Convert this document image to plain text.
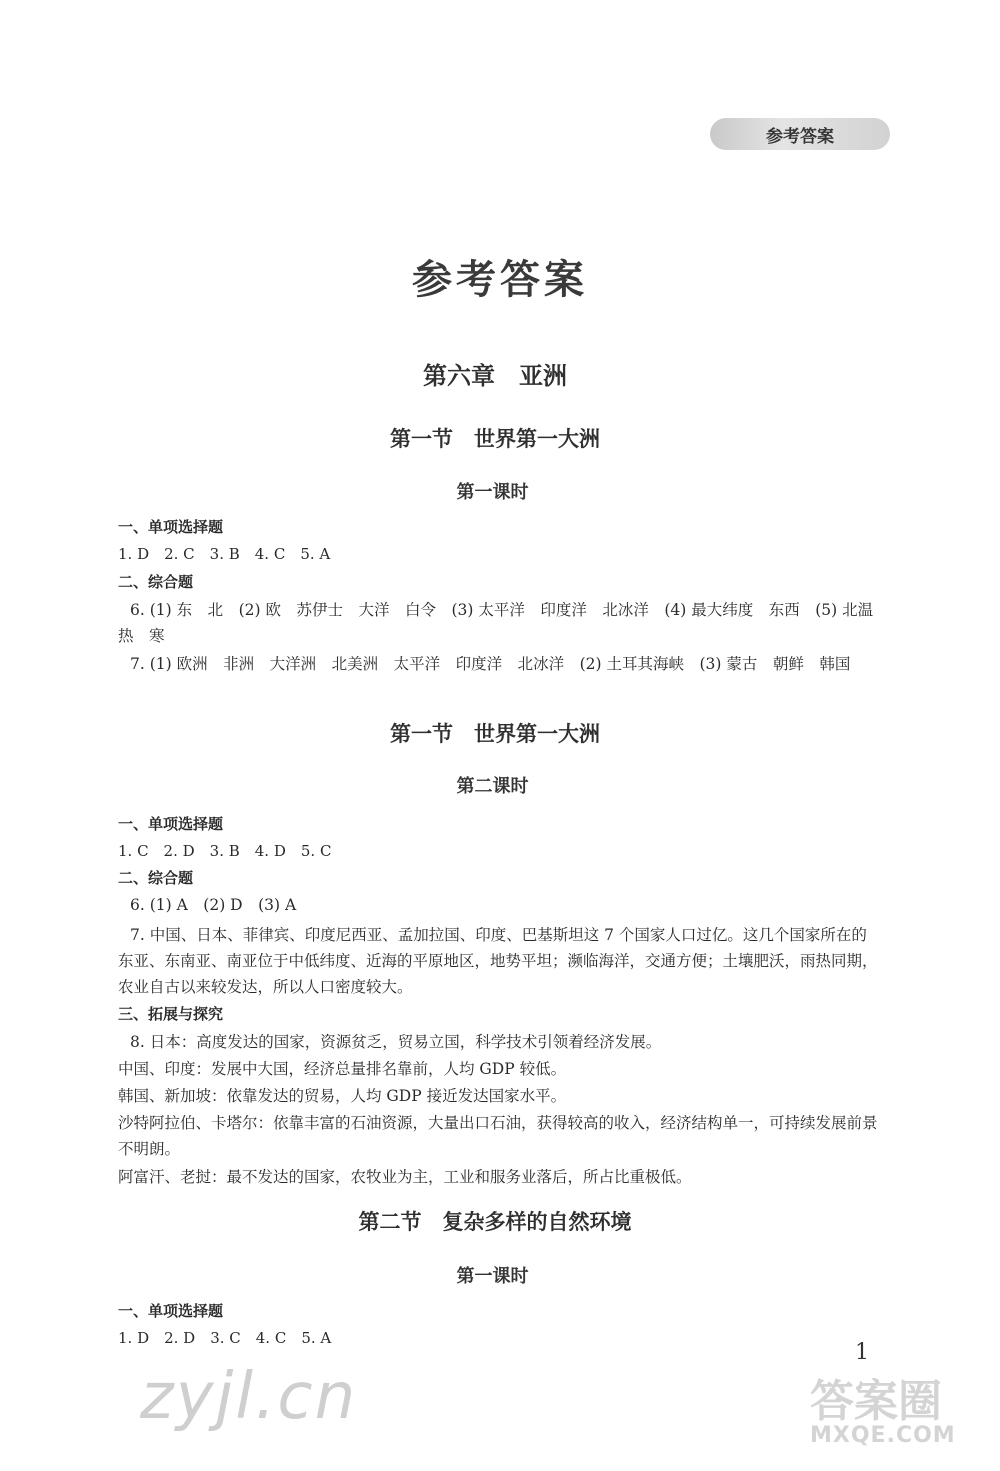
参考答案
参考答案
第六章　亚洲
第一节　世界第一大洲
第一课时
一、单项选择题
1. D　2. C　3. B　4. C　5. A
二、综合题
6. (1) 东　北　(2) 欧　苏伊士　大洋　白令　(3) 太平洋　印度洋　北冰洋　(4) 最大纬度　东西　(5) 北温　热　寒
7. (1) 欧洲　非洲　大洋洲　北美洲　太平洋　印度洋　北冰洋　(2) 土耳其海峡　(3) 蒙古　朝鲜　韩国
第一节　世界第一大洲
第二课时
一、单项选择题
1. C　2. D　3. B　4. D　5. C
二、综合题
6. (1) A　(2) D　(3) A
7. 中国、日本、菲律宾、印度尼西亚、孟加拉国、印度、巴基斯坦这 7 个国家人口过亿。这几个国家所在的东亚、东南亚、南亚位于中低纬度、近海的平原地区，地势平坦；濒临海洋，交通方便；土壤肥沃，雨热同期，农业自古以来较发达，所以人口密度较大。
三、拓展与探究
8. 日本：高度发达的国家，资源贫乏，贸易立国，科学技术引领着经济发展。
中国、印度：发展中大国，经济总量排名靠前，人均 GDP 较低。
韩国、新加坡：依靠发达的贸易，人均 GDP 接近发达国家水平。
沙特阿拉伯、卡塔尔：依靠丰富的石油资源，大量出口石油，获得较高的收入，经济结构单一，可持续发展前景不明朗。
阿富汗、老挝：最不发达的国家，农牧业为主，工业和服务业落后，所占比重极低。
第二节　复杂多样的自然环境
第一课时
一、单项选择题
1. D　2. D　3. C　4. C　5. A
zyjl.cn
1
答案圈
MXQE.COM
